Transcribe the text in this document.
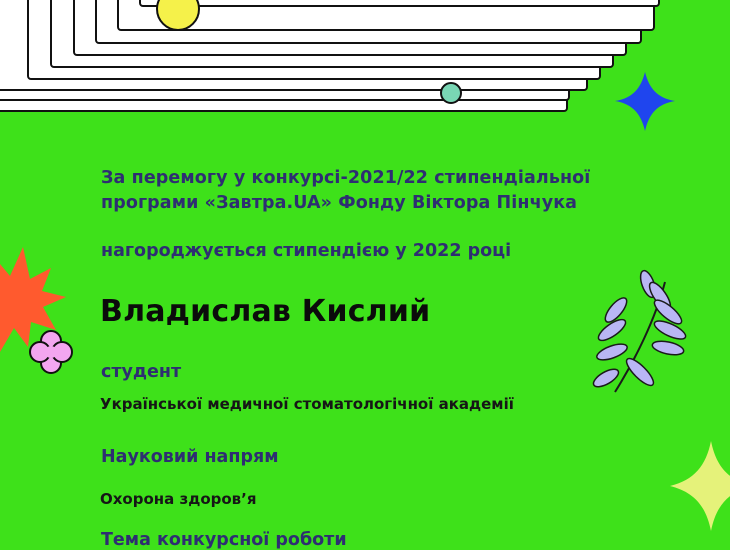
За перемогу у конкурсі-2021/22 стипендіальної
програми «Завтра.UA» Фонду Віктора Пінчука
нагороджується стипендією у 2022 році
Владислав Кислий
студент
Української медичної стоматологічної академії
Науковий напрям
Охорона здоров’я
Тема конкурсної роботи
